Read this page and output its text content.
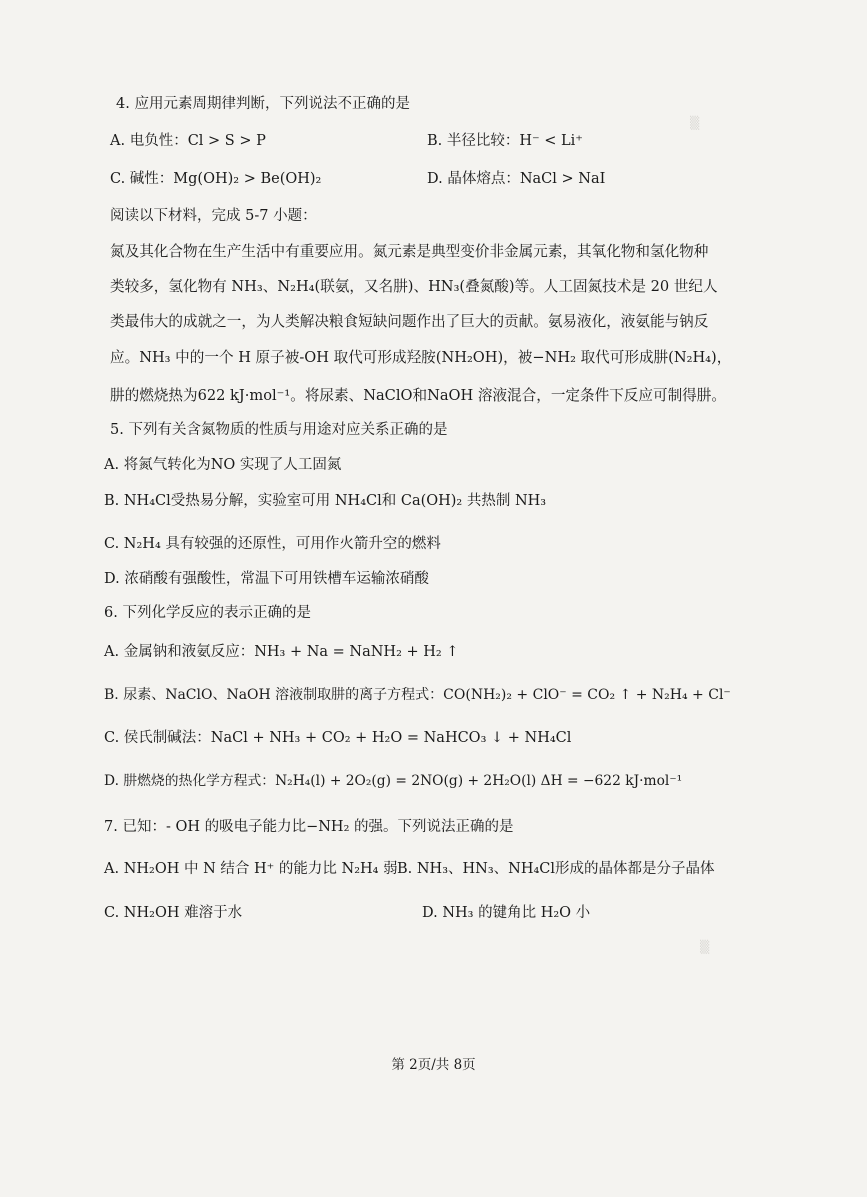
▒
▒
4. 应用元素周期律判断，下列说法不正确的是
A. 电负性：Cl > S > P	B. 半径比较：H⁻ < Li⁺
C. 碱性：Mg(OH)₂ > Be(OH)₂	D. 晶体熔点：NaCl > NaI
阅读以下材料，完成 5-7 小题：
氮及其化合物在生产生活中有重要应用。氮元素是典型变价非金属元素，其氧化物和氢化物种
类较多，氢化物有 NH₃、N₂H₄(联氨，又名肼)、HN₃(叠氮酸)等。人工固氮技术是 20 世纪人
类最伟大的成就之一，为人类解决粮食短缺问题作出了巨大的贡献。氨易液化，液氨能与钠反
应。NH₃ 中的一个 H 原子被-OH 取代可形成羟胺(NH₂OH)，被−NH₂ 取代可形成肼(N₂H₄)，
肼的燃烧热为622 kJ·mol⁻¹。将尿素、NaClO和NaOH 溶液混合，一定条件下反应可制得肼。
5. 下列有关含氮物质的性质与用途对应关系正确的是
A. 将氮气转化为NO 实现了人工固氮
B. NH₄Cl受热易分解，实验室可用 NH₄Cl和 Ca(OH)₂ 共热制 NH₃
C. N₂H₄ 具有较强的还原性，可用作火箭升空的燃料
D. 浓硝酸有强酸性，常温下可用铁槽车运输浓硝酸
6. 下列化学反应的表示正确的是
A. 金属钠和液氨反应：NH₃ + Na = NaNH₂ + H₂ ↑
B. 尿素、NaClO、NaOH 溶液制取肼的离子方程式：CO(NH₂)₂ + ClO⁻ = CO₂ ↑ + N₂H₄ + Cl⁻
C. 侯氏制碱法：NaCl + NH₃ + CO₂ + H₂O = NaHCO₃ ↓ + NH₄Cl
D. 肼燃烧的热化学方程式：N₂H₄(l) + 2O₂(g) = 2NO(g) + 2H₂O(l) ΔH = −622 kJ·mol⁻¹
7. 已知：- OH 的吸电子能力比−NH₂ 的强。下列说法正确的是
A. NH₂OH 中 N 结合 H⁺ 的能力比 N₂H₄ 弱 B. NH₃、HN₃、NH₄Cl形成的晶体都是分子晶体
C. NH₂OH 难溶于水	D. NH₃ 的键角比 H₂O 小
第 2页/共 8页
